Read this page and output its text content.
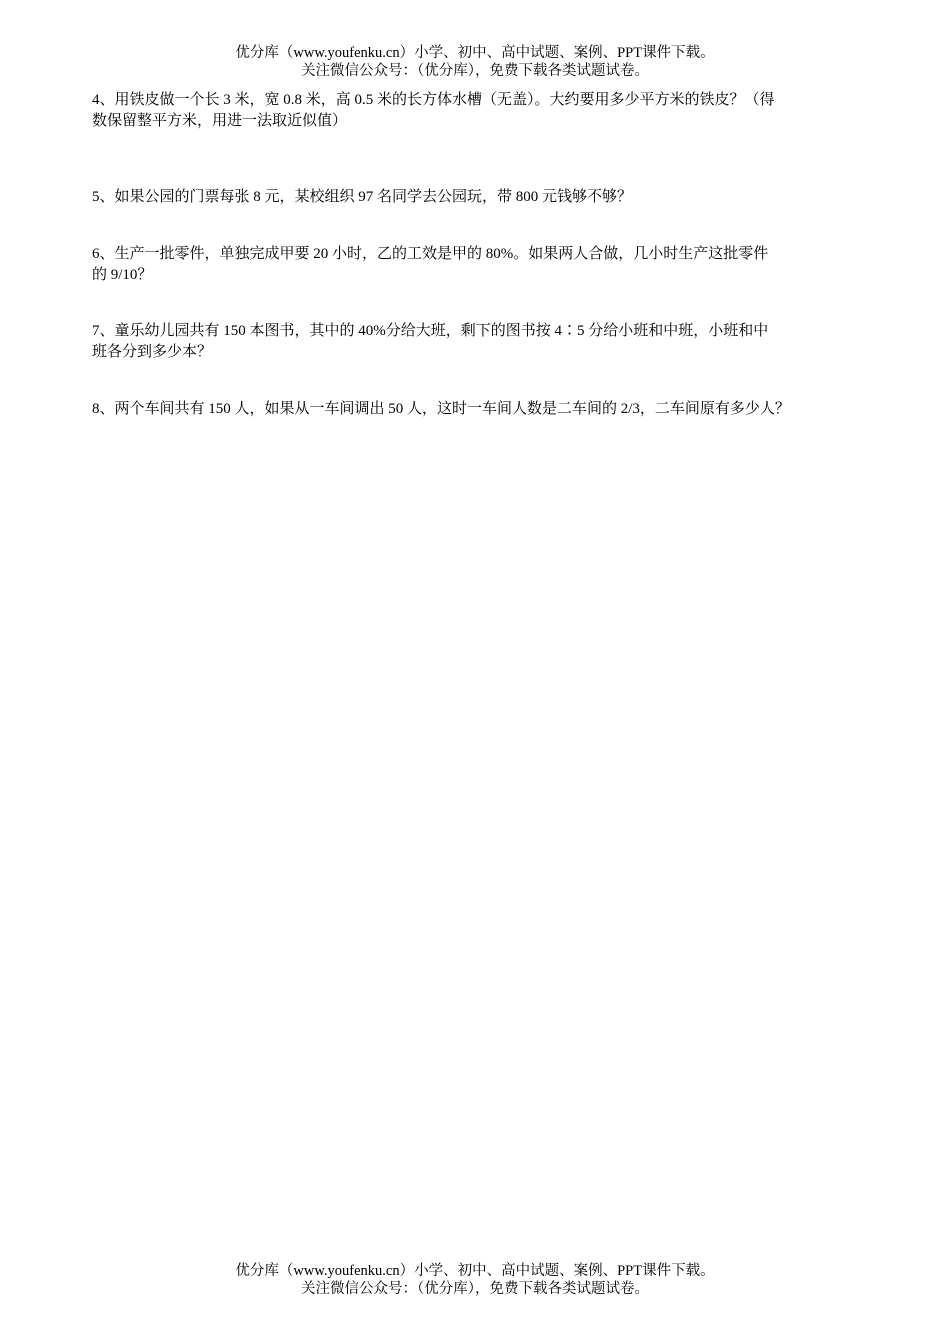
优分库（www.youfenku.cn）小学、初中、高中试题、案例、PPT课件下载。
关注微信公众号：（优分库），免费下载各类试题试卷。
4、用铁皮做一个长 3 米，宽 0.8 米，高 0.5 米的长方体水槽（无盖）。大约要用多少平方米的铁皮？（得
数保留整平方米，用进一法取近似值）
5、如果公园的门票每张 8 元，某校组织 97 名同学去公园玩，带 800 元钱够不够？
6、生产一批零件，单独完成甲要 20 小时，乙的工效是甲的 80%。如果两人合做，几小时生产这批零件
的 9/10？
7、童乐幼儿园共有 150 本图书，其中的 40%分给大班，剩下的图书按 4∶5 分给小班和中班，小班和中
班各分到多少本？
8、两个车间共有 150 人，如果从一车间调出 50 人，这时一车间人数是二车间的 2/3，二车间原有多少人？
优分库（www.youfenku.cn）小学、初中、高中试题、案例、PPT课件下载。
关注微信公众号：（优分库），免费下载各类试题试卷。
